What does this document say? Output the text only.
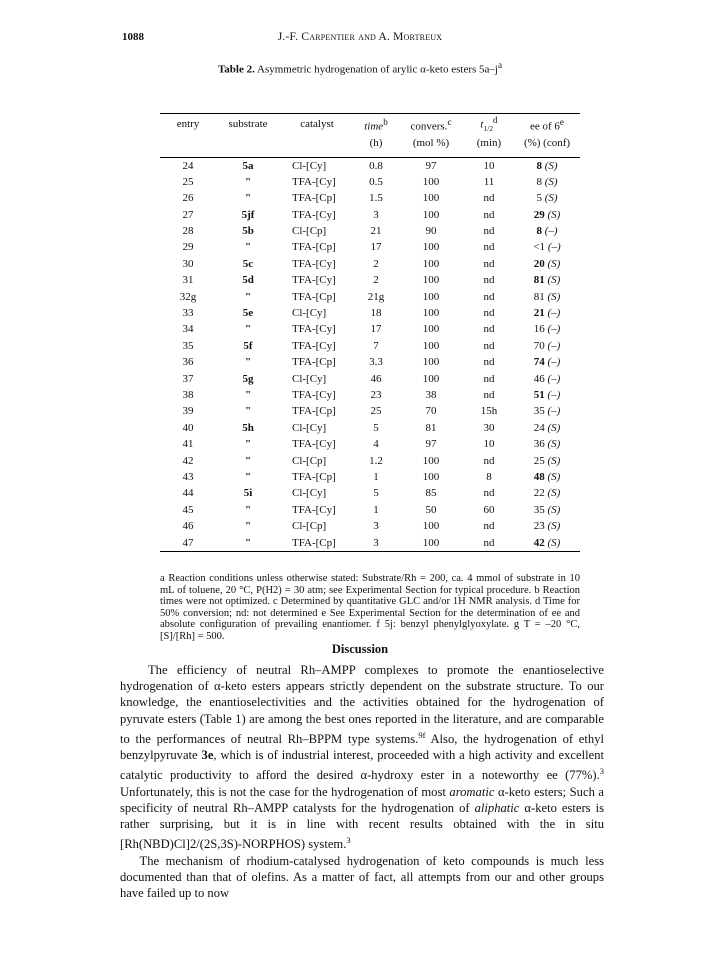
1088	J.-F. Carpentier and A. Mortreux
Table 2. Asymmetric hydrogenation of arylic α-keto esters $5a-j^a$
entry	substrate	catalyst	time$^b$	convers.$^c$	$t_{1/2}^d$	ee of 6e
			(h)	(mol %)	(min)	(%) (conf)
24	5a	Cl-[Cy]	0.8	97	10	8 (S)
25	"	TFA-[Cy]	0.5	100	11	8 (S)
26	"	TFA-[Cp]	1.5	100	nd	5 (S)
27	5jf	TFA-[Cy]	3	100	nd	29 (S)
28	5b	Cl-[Cp]	21	90	nd	8 (–)
29	"	TFA-[Cp]	17	100	nd	<1 (–)
30	5c	TFA-[Cy]	2	100	nd	20 (S)
31	5d	TFA-[Cy]	2	100	nd	81 (S)
32g	"	TFA-[Cp]	21g	100	nd	81 (S)
33	5e	Cl-[Cy]	18	100	nd	21 (–)
34	"	TFA-[Cy]	17	100	nd	16 (–)
35	5f	TFA-[Cy]	7	100	nd	70 (–)
36	"	TFA-[Cp]	3.3	100	nd	74 (–)
37	5g	Cl-[Cy]	46	100	nd	46 (–)
38	"	TFA-[Cy]	23	38	nd	51 (–)
39	"	TFA-[Cp]	25	70	15h	35 (–)
40	5h	Cl-[Cy]	5	81	30	24 (S)
41	"	TFA-[Cy]	4	97	10	36 (S)
42	"	Cl-[Cp]	1.2	100	nd	25 (S)
43	"	TFA-[Cp]	1	100	8	48 (S)
44	5i	Cl-[Cy]	5	85	nd	22 (S)
45	"	TFA-[Cy]	1	50	60	35 (S)
46	"	Cl-[Cp]	3	100	nd	23 (S)
47	"	TFA-[Cp]	3	100	nd	42 (S)
a Reaction conditions unless otherwise stated: Substrate/Rh = 200, ca. 4 mmol of substrate in 10 mL of toluene, 20 °C, P(H2) = 30 atm; see Experimental Section for typical procedure. b Reaction times were not optimized. c Determined by quantitative GLC and/or 1H NMR analysis. d Time for 50% conversion; nd: not determined e See Experimental Section for the determination of ee and absolute configuration of prevailing enantiomer. f 5j: benzyl phenylglyoxylate. g T = –20 °C, [S]/[Rh] = 500.
Discussion

The efficiency of neutral Rh–AMPP complexes to promote the enantioselective hydrogenation of α-keto esters appears strictly dependent on the substrate structure. To our knowledge, the enantioselectivities and the activities obtained for the hydrogenation of pyruvate esters (Table 1) are among the best ones reported in the literature, and are comparable to the performances of neutral Rh–BPPM type systems.$^{9f}$ Also, the hydrogenation of ethyl benzylpyruvate 3e, which is of industrial interest, proceeded with a high activity and excellent catalytic productivity to afford the desired α-hydroxy ester in a noteworthy ee (77%).$^3$ Unfortunately, this is not the case for the hydrogenation of most aromatic α-keto esters; Such a specificity of neutral Rh–AMPP catalysts for the hydrogenation of aliphatic α-keto esters is rather surprising, but it is in line with recent results obtained with the in situ [Rh(NBD)Cl]2/(2S,3S)-NORPHOS) system.$^3$

The mechanism of rhodium-catalysed hydrogenation of keto compounds is much less documented than that of olefins. As a matter of fact, all attempts from our and other groups have failed up to now
